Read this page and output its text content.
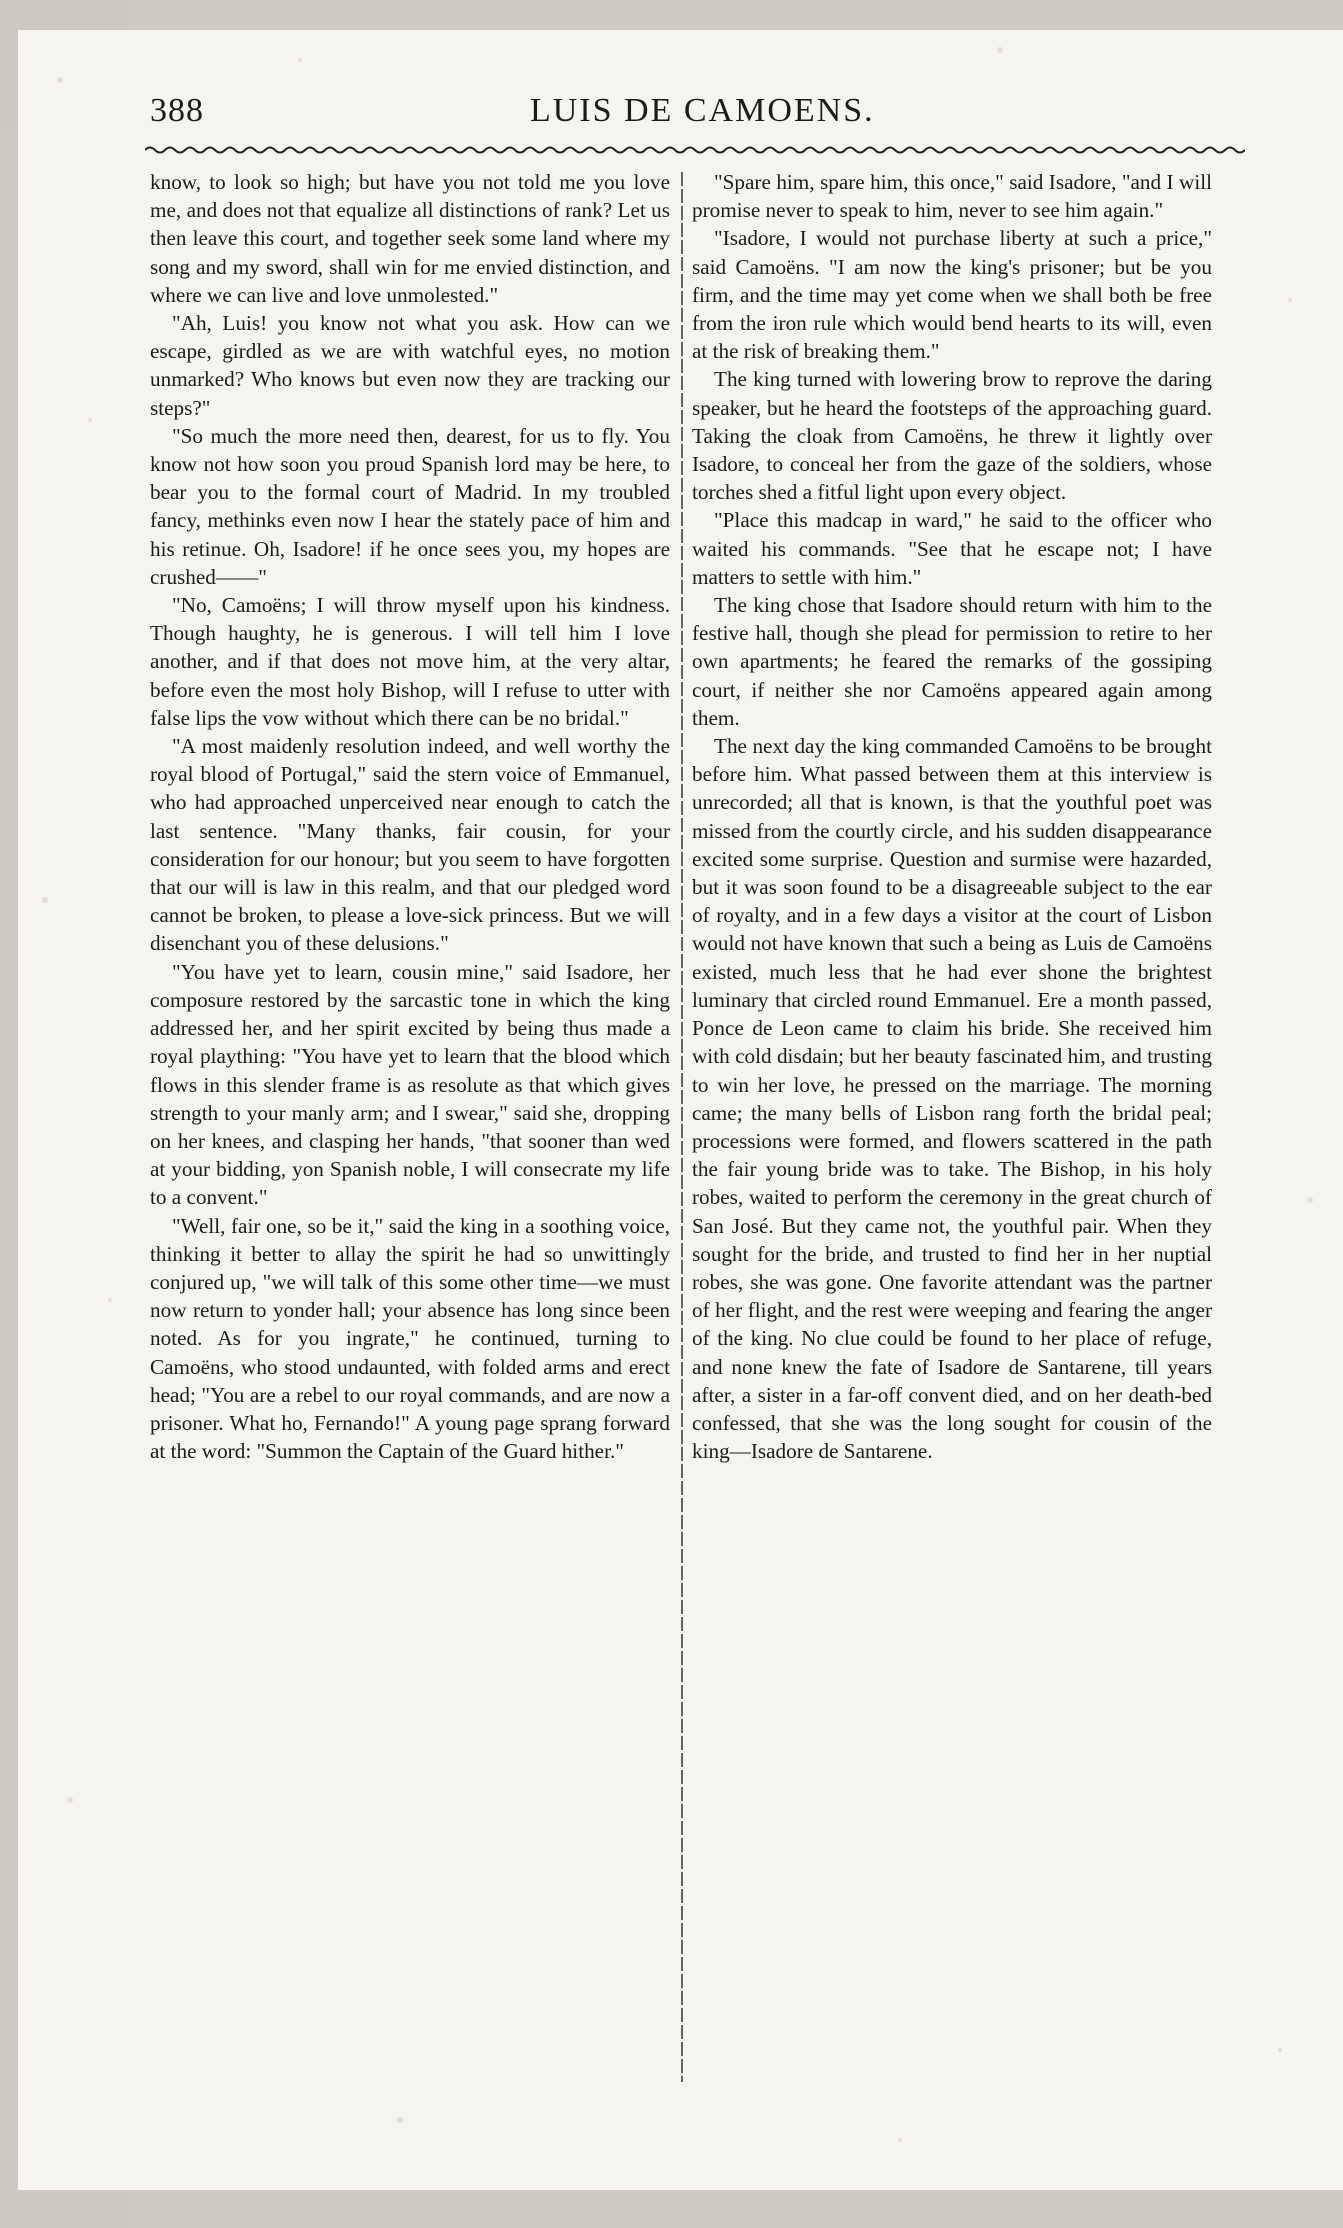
388	LUIS DE CAMOENS.

know, to look so high; but have you not told me you love me, and does not that equalize all distinctions of rank? Let us then leave this court, and together seek some land where my song and my sword, shall win for me envied distinction, and where we can live and love unmolested."

"Ah, Luis! you know not what you ask. How can we escape, girdled as we are with watchful eyes, no motion unmarked? Who knows but even now they are tracking our steps?"

"So much the more need then, dearest, for us to fly. You know not how soon you proud Spanish lord may be here, to bear you to the formal court of Madrid. In my troubled fancy, methinks even now I hear the stately pace of him and his retinue. Oh, Isadore! if he once sees you, my hopes are crushed——"

"No, Camoëns; I will throw myself upon his kindness. Though haughty, he is generous. I will tell him I love another, and if that does not move him, at the very altar, before even the most holy Bishop, will I refuse to utter with false lips the vow without which there can be no bridal."

"A most maidenly resolution indeed, and well worthy the royal blood of Portugal," said the stern voice of Emmanuel, who had approached unperceived near enough to catch the last sentence. "Many thanks, fair cousin, for your consideration for our honour; but you seem to have forgotten that our will is law in this realm, and that our pledged word cannot be broken, to please a love-sick princess. But we will disenchant you of these delusions."

"You have yet to learn, cousin mine," said Isadore, her composure restored by the sarcastic tone in which the king addressed her, and her spirit excited by being thus made a royal plaything: "You have yet to learn that the blood which flows in this slender frame is as resolute as that which gives strength to your manly arm; and I swear," said she, dropping on her knees, and clasping her hands, "that sooner than wed at your bidding, yon Spanish noble, I will consecrate my life to a convent."

"Well, fair one, so be it," said the king in a soothing voice, thinking it better to allay the spirit he had so unwittingly conjured up, "we will talk of this some other time—we must now return to yonder hall; your absence has long since been noted. As for you ingrate," he continued, turning to Camoëns, who stood undaunted, with folded arms and erect head; "You are a rebel to our royal commands, and are now a prisoner. What ho, Fernando!" A young page sprang forward at the word: "Summon the Captain of the Guard hither."

"Spare him, spare him, this once," said Isadore, "and I will promise never to speak to him, never to see him again."

"Isadore, I would not purchase liberty at such a price," said Camoëns. "I am now the king's prisoner; but be you firm, and the time may yet come when we shall both be free from the iron rule which would bend hearts to its will, even at the risk of breaking them."

The king turned with lowering brow to reprove the daring speaker, but he heard the footsteps of the approaching guard. Taking the cloak from Camoëns, he threw it lightly over Isadore, to conceal her from the gaze of the soldiers, whose torches shed a fitful light upon every object.

"Place this madcap in ward," he said to the officer who waited his commands. "See that he escape not; I have matters to settle with him."

The king chose that Isadore should return with him to the festive hall, though she plead for permission to retire to her own apartments; he feared the remarks of the gossiping court, if neither she nor Camoëns appeared again among them.

The next day the king commanded Camoëns to be brought before him. What passed between them at this interview is unrecorded; all that is known, is that the youthful poet was missed from the courtly circle, and his sudden disappearance excited some surprise. Question and surmise were hazarded, but it was soon found to be a disagreeable subject to the ear of royalty, and in a few days a visitor at the court of Lisbon would not have known that such a being as Luis de Camoëns existed, much less that he had ever shone the brightest luminary that circled round Emmanuel. Ere a month passed, Ponce de Leon came to claim his bride. She received him with cold disdain; but her beauty fascinated him, and trusting to win her love, he pressed on the marriage. The morning came; the many bells of Lisbon rang forth the bridal peal; processions were formed, and flowers scattered in the path the fair young bride was to take. The Bishop, in his holy robes, waited to perform the ceremony in the great church of San José. But they came not, the youthful pair. When they sought for the bride, and trusted to find her in her nuptial robes, she was gone. One favorite attendant was the partner of her flight, and the rest were weeping and fearing the anger of the king. No clue could be found to her place of refuge, and none knew the fate of Isadore de Santarene, till years after, a sister in a far-off convent died, and on her death-bed confessed, that she was the long sought for cousin of the king—Isadore de Santarene.
